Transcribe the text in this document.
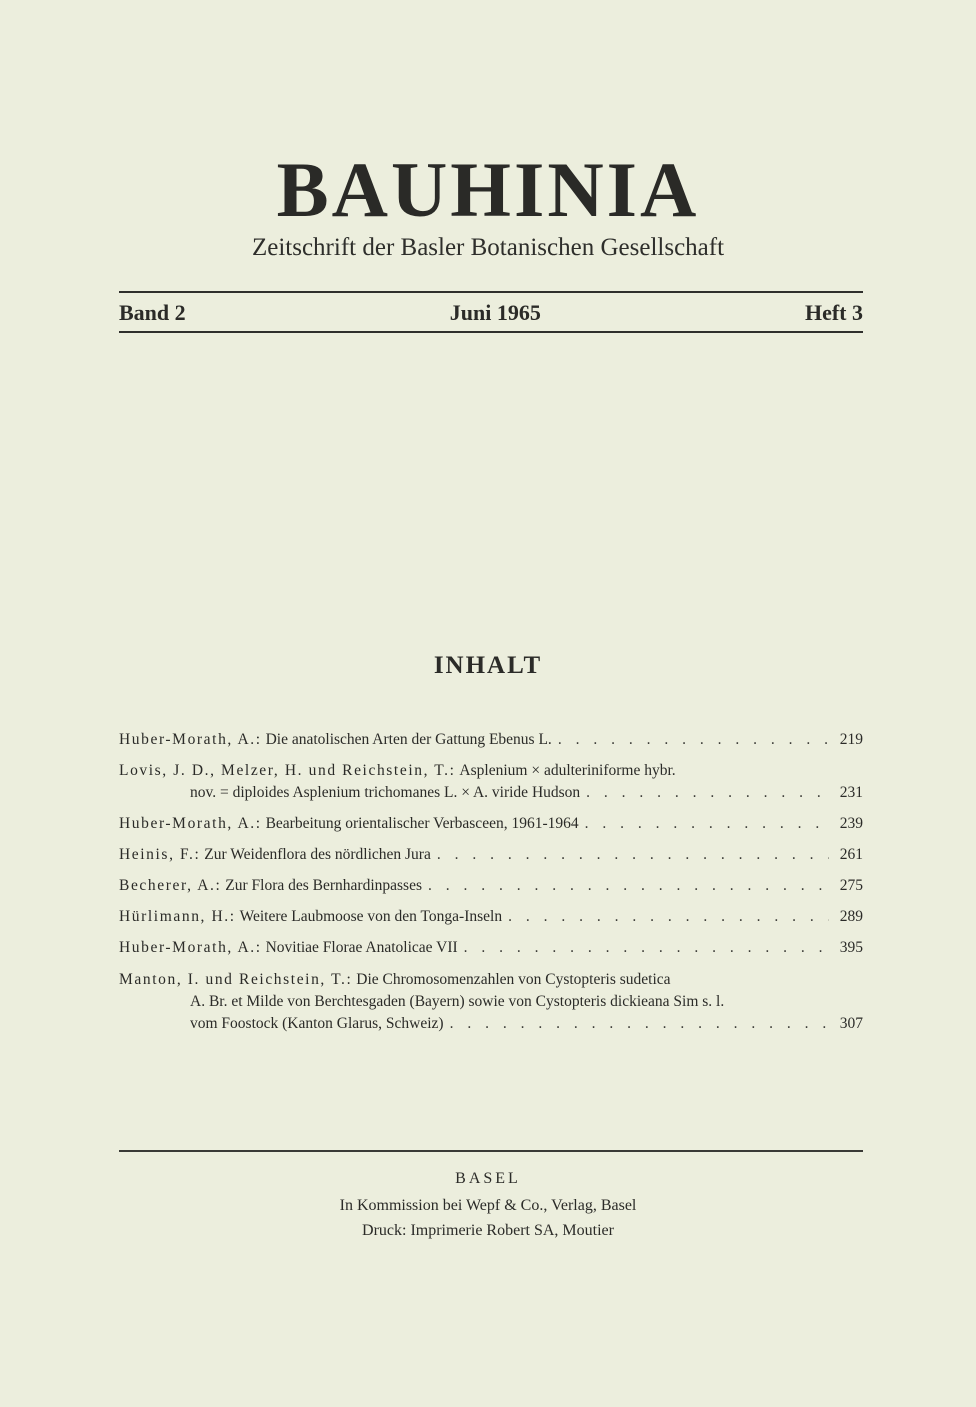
BAUHINIA
Zeitschrift der Basler Botanischen Gesellschaft
Band 2	Juni 1965	Heft 3
INHALT
Huber-Morath, A.:
Die anatolischen Arten der Gattung Ebenus L. . . .	219
Lovis, J. D., Melzer, H. und Reichstein, T.:
Asplenium × adulteriniforme hybr.
nov. = diploides Asplenium trichomanes L. × A. viride Hudson . . .	231
Huber-Morath, A.:
Bearbeitung orientalischer Verbasceen, 1961-1964 . . .	239
Heinis, F.:
Zur Weidenflora des nördlichen Jura . . .	261
Becherer, A.:
Zur Flora des Bernhardinpasses . . .	275
Hürlimann, H.:
Weitere Laubmoose von den Tonga-Inseln . . .	289
Huber-Morath, A.:
Novitiae Florae Anatolicae VII . . .	395
Manton, I. und Reichstein, T.:
Die Chromosomenzahlen von Cystopteris sudetica
A. Br. et Milde von Berchtesgaden (Bayern) sowie von Cystopteris dickieana Sim s. l.
vom Foostock (Kanton Glarus, Schweiz) . . .	307
BASEL
In Kommission bei Wepf & Co., Verlag, Basel
Druck: Imprimerie Robert SA, Moutier
